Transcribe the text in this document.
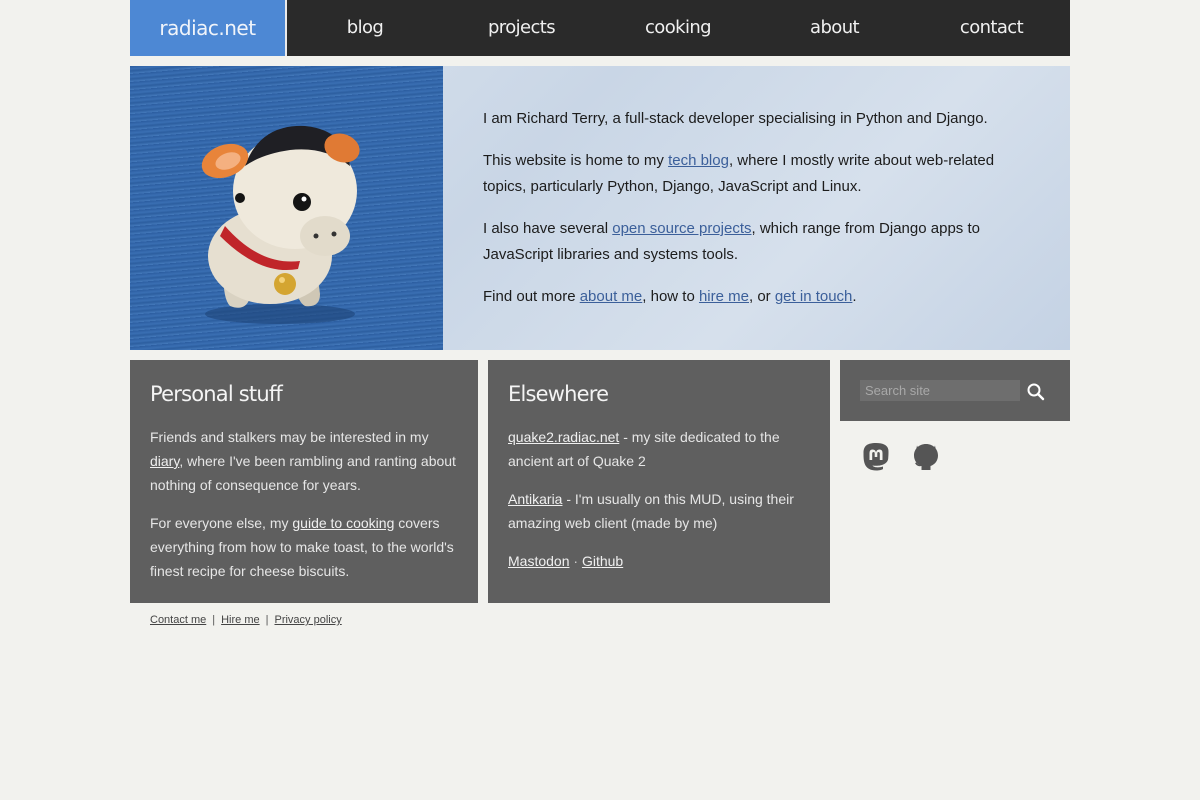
radiac.net	blog	projects	cooking	about	contact

I am Richard Terry, a full-stack developer specialising in Python and Django.

This website is home to my tech blog, where I mostly write about web-related topics, particularly Python, Django, JavaScript and Linux.

I also have several open source projects, which range from Django apps to JavaScript libraries and systems tools.

Find out more about me, how to hire me, or get in touch.

Personal stuff

Friends and stalkers may be interested in my diary, where I've been rambling and ranting about nothing of consequence for years.

For everyone else, my guide to cooking covers everything from how to make toast, to the world's finest recipe for cheese biscuits.

Elsewhere

quake2.radiac.net - my site dedicated to the ancient art of Quake 2

Antikaria - I'm usually on this MUD, using their amazing web client (made by me)

Mastodon · Github

Search site
Contact me | Hire me | Privacy policy
